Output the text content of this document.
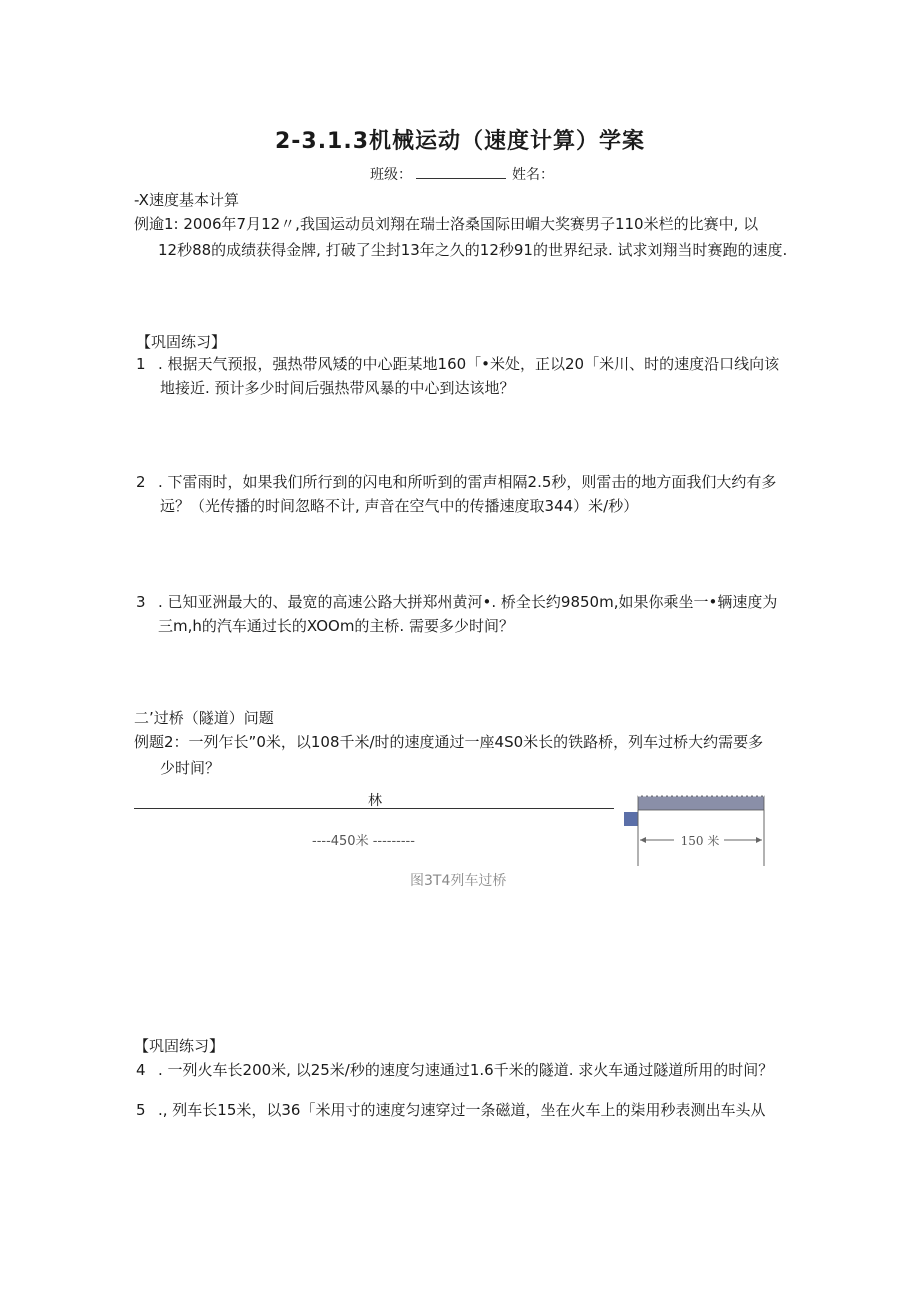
2-3.1.3机械运动（速度计算）学案
班级：	姓名：
-X速度基本计算
例逾1: 2006年7月12〃,我国运动员刘翔在瑞士洛桑国际田嵋大奖赛男子110米栏的比赛中, 以
12秒88的成绩获得金牌, 打破了尘封13年之久的12秒91的世界纪录. 试求刘翔当时赛跑的速度.
【巩固练习】
1 . 根据天气预报，强热带风矮的中心距某地160「•米处，正以20「米川、时的速度沿口线向该
地接近. 预计多少时间后强热带风暴的中心到达该地？
2 . 下雷雨时，如果我们所行到的闪电和所听到的雷声相隔2.5秒，则雷击的地方面我们大约有多
远？（光传播的时间忽略不计, 声音在空气中的传播速度取344）米/秒）
3 . 已知亚洲最大的、最宽的高速公路大拼郑州黄河•. 桥全长约9850m,如果你乘坐一•辆速度为
三m,h的汽车通过长的XOOm的主桥. 需要多少时间？
二’过桥（隧道）问题
例题2：一列乍长”0米，以108千米/时的速度通过一座4S0米长的铁路桥，列车过桥大约需要多
少时间？
林
----450米 ---------
图3T4列车过桥
150 米
【巩固练习】
4 . 一列火车长200米, 以25米/秒的速度匀速通过1.6千米的隧道. 求火车通过隧道所用的时间？
5 ., 列车长15米，以36「米用寸的速度匀速穿过一条磁道，坐在火车上的柒用秒表测出车头从
